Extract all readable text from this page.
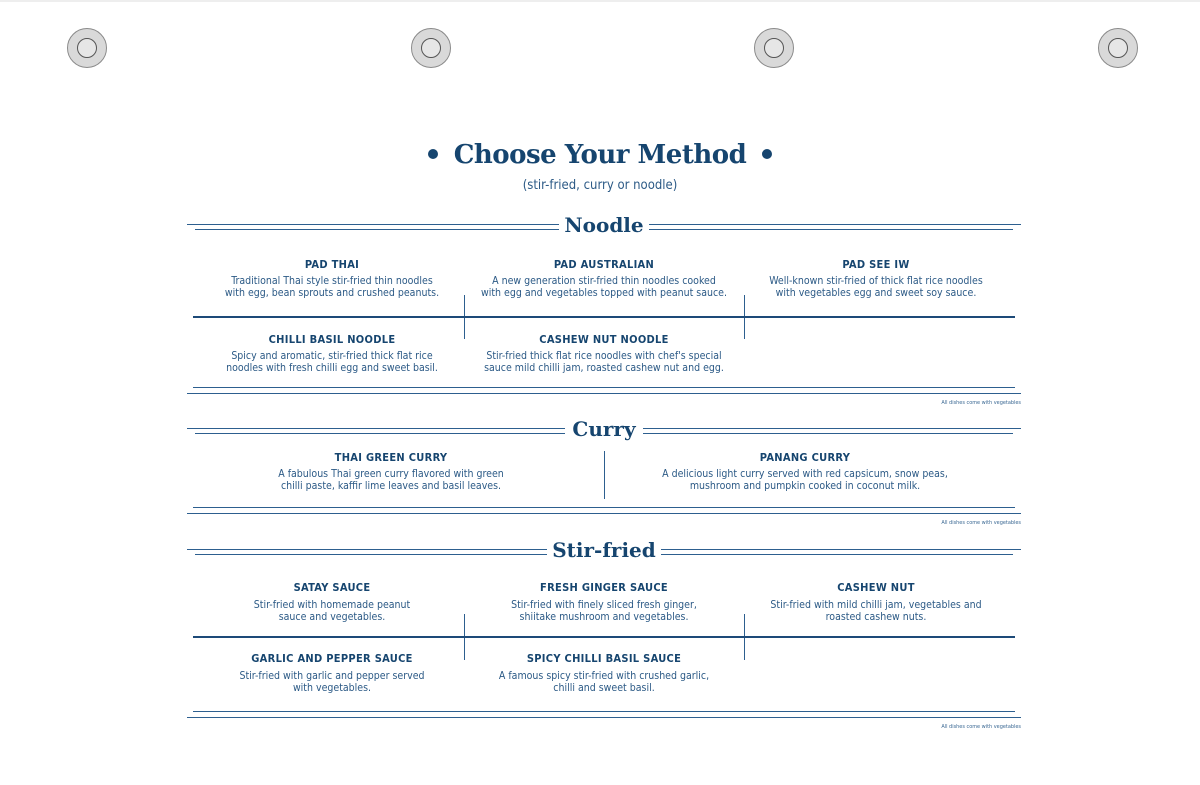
Choose Your Method
(stir-fried, curry or noodle)
Noodle
PAD THAI
Traditional Thai style stir-fried thin noodles
with egg, bean sprouts and crushed peanuts.
PAD AUSTRALIAN
A new generation stir-fried thin noodles cooked
with egg and vegetables topped with peanut sauce.
PAD SEE IW
Well-known stir-fried of thick flat rice noodles
with vegetables egg and sweet soy sauce.
CHILLI BASIL NOODLE
Spicy and aromatic, stir-fried thick flat rice
noodles with fresh chilli egg and sweet basil.
CASHEW NUT NOODLE
Stir-fried thick flat rice noodles with chef's special
sauce mild chilli jam, roasted cashew nut and egg.
All dishes come with vegetables
Curry
THAI GREEN CURRY
A fabulous Thai green curry flavored with green
chilli paste, kaffir lime leaves and basil leaves.
PANANG CURRY
A delicious light curry served with red capsicum, snow peas,
mushroom and pumpkin cooked in coconut milk.
All dishes come with vegetables
Stir-fried
SATAY SAUCE
Stir-fried with homemade peanut
sauce and vegetables.
FRESH GINGER SAUCE
Stir-fried with finely sliced fresh ginger,
shiitake mushroom and vegetables.
CASHEW NUT
Stir-fried with mild chilli jam, vegetables and
roasted cashew nuts.
GARLIC AND PEPPER SAUCE
Stir-fried with garlic and pepper served
with vegetables.
SPICY CHILLI BASIL SAUCE
A famous spicy stir-fried with crushed garlic,
chilli and sweet basil.
All dishes come with vegetables
